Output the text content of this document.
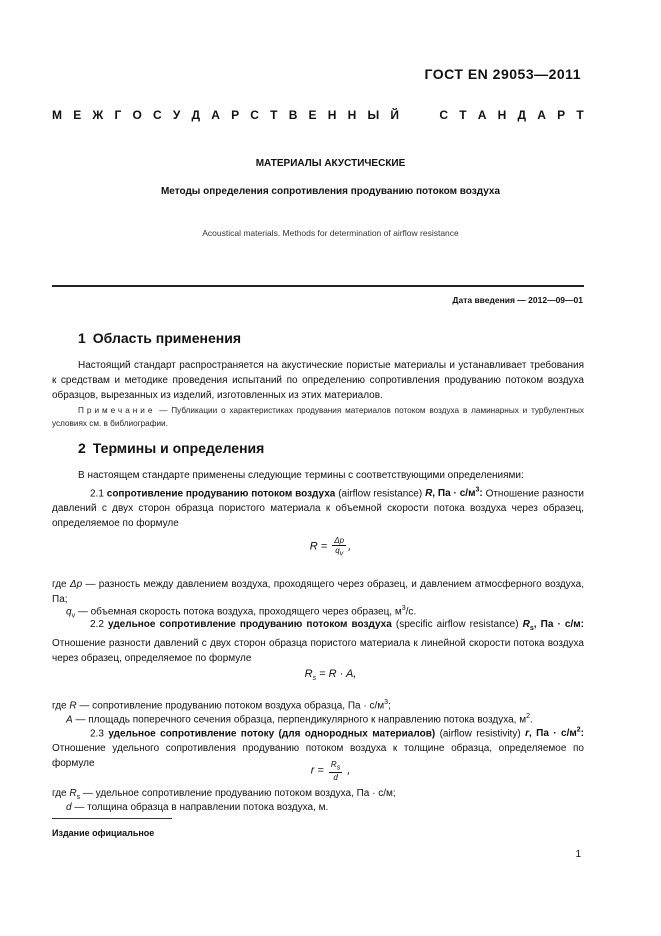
ГОСТ EN 29053—2011
М Е Ж Г О С У Д А Р С Т В Е Н Н Ы Й	С Т А Н Д А Р Т
МАТЕРИАЛЫ АКУСТИЧЕСКИЕ
Методы определения сопротивления продуванию потоком воздуха
Acoustical materials. Methods for determination of airflow resistance
Дата введения — 2012—09—01
1 Область применения
Настоящий стандарт распространяется на акустические пористые материалы и устанавливает требования к средствам и методике проведения испытаний по определению сопротивления продуванию потоком воздуха образцов, вырезанных из изделий, изготовленных из этих материалов.
Примечание — Публикации о характеристиках продувания материалов потоком воздуха в ламинарных и турбулентных условиях см. в библиографии.
2 Термины и определения
В настоящем стандарте применены следующие термины с соответствующими определениями:
2.1 сопротивление продуванию потоком воздуха (airflow resistance) R, Па · $с/м^3$: Отношение разности давлений с двух сторон образца пористого материала к объемной скорости потока воздуха через образец, определяемое по формуле
$R = \frac{\Delta p}{q_v}$ ,
где Δp — разность между давлением воздуха, проходящего через образец, и давлением атмосферного воздуха, Па;
$q_v$ — объемная скорость потока воздуха, проходящего через образец, $м^3/с$.
2.2 удельное сопротивление продуванию потоком воздуха (specific airflow resistance) $R_s$, Па · с/м: Отношение разности давлений с двух сторон образца пористого материала к линейной скорости потока воздуха через образец, определяемое по формуле
$R_s = R \cdot A$,
где R — сопротивление продуванию потоком воздуха образца, Па · $с/м^3$;
A — площадь поперечного сечения образца, перпендикулярного к направлению потока воздуха, $м^2$.
2.3 удельное сопротивление потоку (для однородных материалов) (airflow resistivity) r, Па · $с/м^2$: Отношение удельного сопротивления продуванию потоком воздуха к толщине образца, определяемое по формуле
$r = \frac{R_s}{d}$ ,
где $R_s$ — удельное сопротивление продуванию потоком воздуха, Па · с/м;
d — толщина образца в направлении потока воздуха, м.
Издание официальное
1
